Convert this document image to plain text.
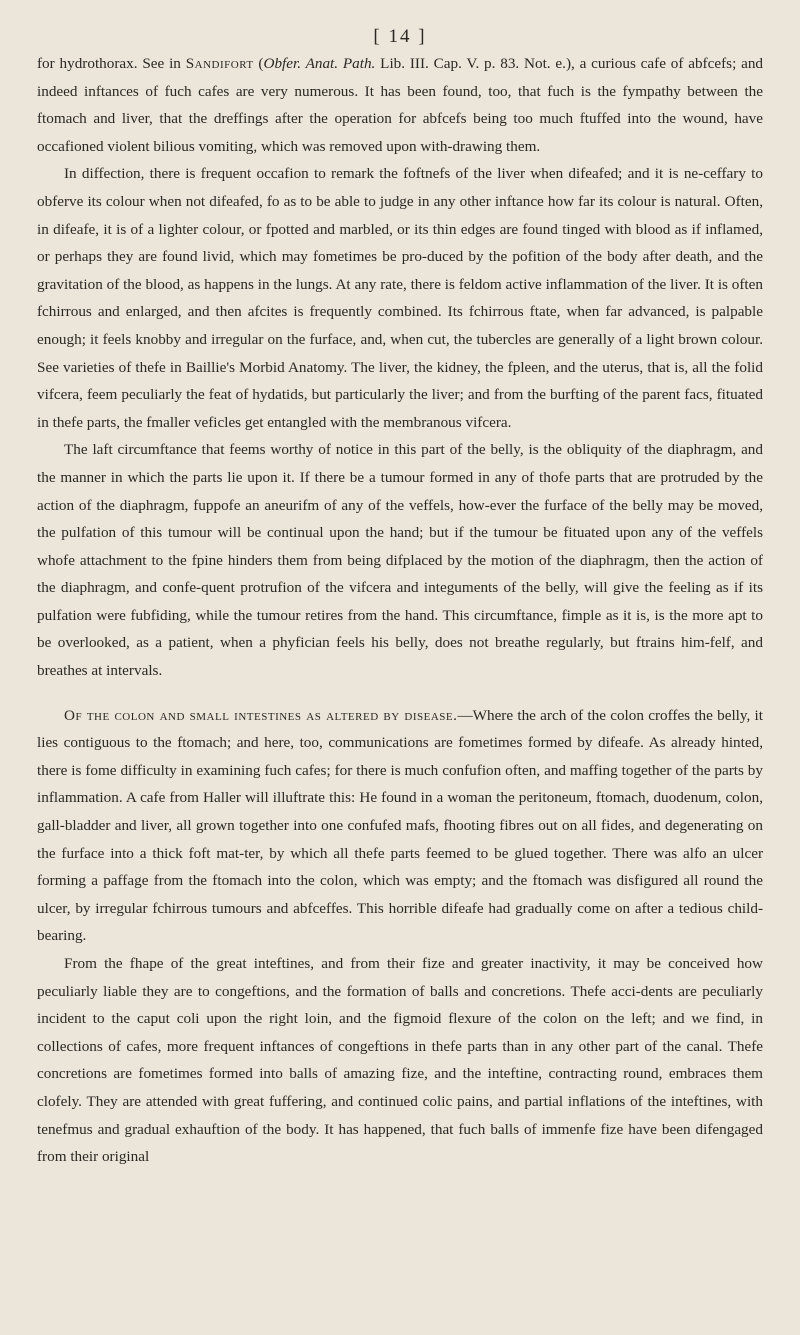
[ 14 ]

for hydrothorax. See in Sandifort (Obfer. Anat. Path. Lib. III. Cap. V. p. 83. Not. e.), a curious cafe of abfcefs; and indeed inftances of fuch cafes are very numerous. It has been found, too, that fuch is the fympathy between the ftomach and liver, that the dreffings after the operation for abfcefs being too much ftuffed into the wound, have occafioned violent bilious vomiting, which was removed upon with-drawing them.

In diffection, there is frequent occafion to remark the foftnefs of the liver when difeafed; and it is ne-ceffary to obferve its colour when not difeafed, fo as to be able to judge in any other inftance how far its colour is natural. Often, in difeafe, it is of a lighter colour, or fpotted and marbled, or its thin edges are found tinged with blood as if inflamed, or perhaps they are found livid, which may fometimes be pro-duced by the pofition of the body after death, and the gravitation of the blood, as happens in the lungs. At any rate, there is feldom active inflammation of the liver. It is often fchirrous and enlarged, and then afcites is frequently combined. Its fchirrous ftate, when far advanced, is palpable enough; it feels knobby and irregular on the furface, and, when cut, the tubercles are generally of a light brown colour. See varieties of thefe in Baillie's Morbid Anatomy. The liver, the kidney, the fpleen, and the uterus, that is, all the folid vifcera, feem peculiarly the feat of hydatids, but particularly the liver; and from the burfting of the parent facs, fituated in thefe parts, the fmaller veficles get entangled with the membranous vifcera.

The laft circumftance that feems worthy of notice in this part of the belly, is the obliquity of the diaphragm, and the manner in which the parts lie upon it. If there be a tumour formed in any of thofe parts that are protruded by the action of the diaphragm, fuppofe an aneurifm of any of the veffels, how-ever the furface of the belly may be moved, the pulfation of this tumour will be continual upon the hand; but if the tumour be fituated upon any of the veffels whofe attachment to the fpine hinders them from being difplaced by the motion of the diaphragm, then the action of the diaphragm, and confe-quent protrufion of the vifcera and integuments of the belly, will give the feeling as if its pulfation were fubfiding, while the tumour retires from the hand. This circumftance, fimple as it is, is the more apt to be overlooked, as a patient, when a phyfician feels his belly, does not breathe regularly, but ftrains him-felf, and breathes at intervals.

Of the colon and small intestines as altered by disease.—Where the arch of the colon croffes the belly, it lies contiguous to the ftomach; and here, too, communications are fometimes formed by difeafe. As already hinted, there is fome difficulty in examining fuch cafes; for there is much confufion often, and maffing together of the parts by inflammation. A cafe from Haller will illuftrate this: He found in a woman the peritoneum, ftomach, duodenum, colon, gall-bladder and liver, all grown together into one confufed mafs, fhooting fibres out on all fides, and degenerating on the furface into a thick foft mat-ter, by which all thefe parts feemed to be glued together. There was alfo an ulcer forming a paffage from the ftomach into the colon, which was empty; and the ftomach was disfigured all round the ulcer, by irregular fchirrous tumours and abfceffes. This horrible difeafe had gradually come on after a tedious child-bearing.

From the fhape of the great inteftines, and from their fize and greater inactivity, it may be conceived how peculiarly liable they are to congeftions, and the formation of balls and concretions. Thefe acci-dents are peculiarly incident to the caput coli upon the right loin, and the figmoid flexure of the colon on the left; and we find, in collections of cafes, more frequent inftances of congeftions in thefe parts than in any other part of the canal. Thefe concretions are fometimes formed into balls of amazing fize, and the inteftine, contracting round, embraces them clofely. They are attended with great fuffering, and continued colic pains, and partial inflations of the inteftines, with tenefmus and gradual exhauftion of the body. It has happened, that fuch balls of immenfe fize have been difengaged from their original
